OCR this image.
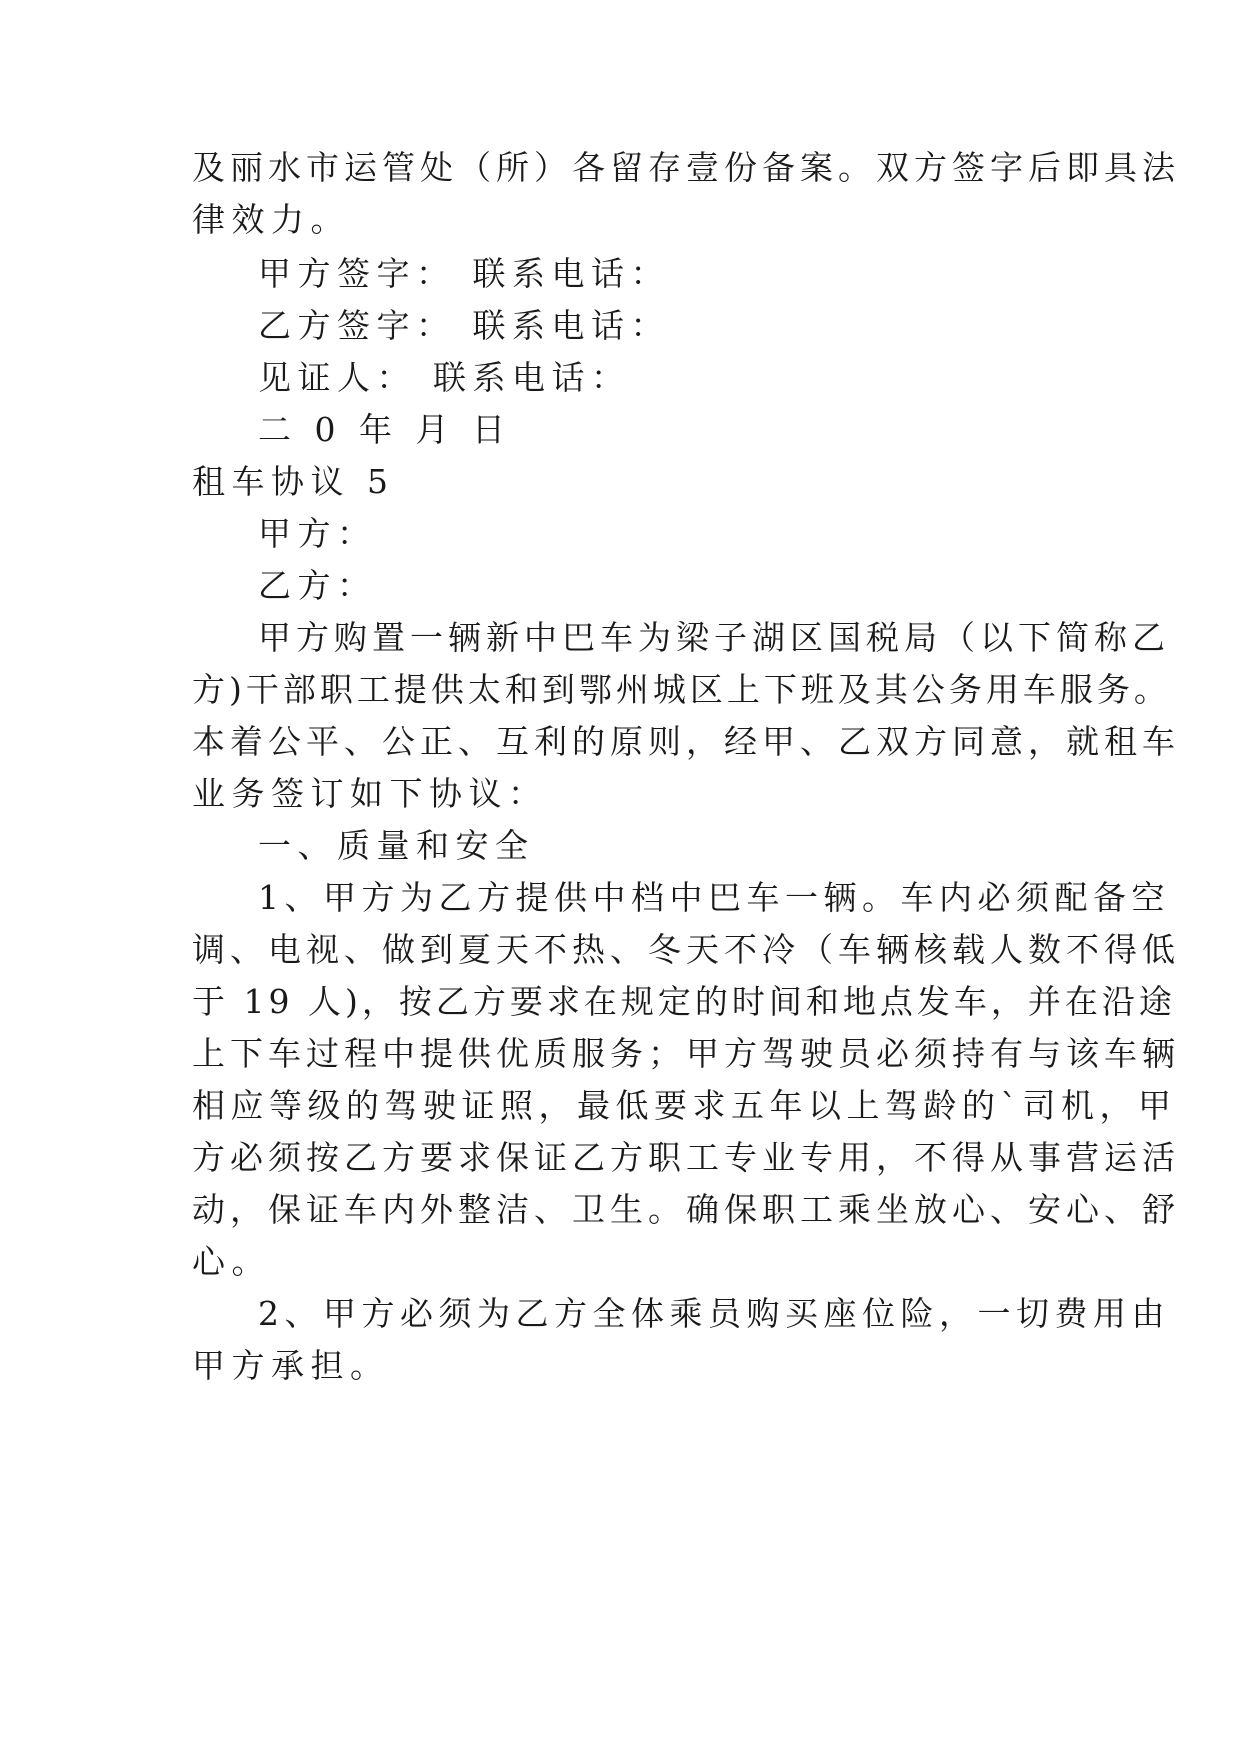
及丽水市运管处（所）各留存壹份备案。双方签字后即具法
律效力。
甲方签字： 联系电话：
乙方签字： 联系电话：
见证人： 联系电话：
二 0 年 月 日
租车协议 5
甲方：
乙方：
甲方购置一辆新中巴车为梁子湖区国税局（以下简称乙
方)干部职工提供太和到鄂州城区上下班及其公务用车服务。
本着公平、公正、互利的原则，经甲、乙双方同意，就租车
业务签订如下协议：
一、质量和安全
1、甲方为乙方提供中档中巴车一辆。车内必须配备空
调、电视、做到夏天不热、冬天不冷（车辆核载人数不得低
于 19 人)，按乙方要求在规定的时间和地点发车，并在沿途
上下车过程中提供优质服务；甲方驾驶员必须持有与该车辆
相应等级的驾驶证照，最低要求五年以上驾龄的`司机，甲
方必须按乙方要求保证乙方职工专业专用，不得从事营运活
动，保证车内外整洁、卫生。确保职工乘坐放心、安心、舒
心。
2、甲方必须为乙方全体乘员购买座位险，一切费用由
甲方承担。
